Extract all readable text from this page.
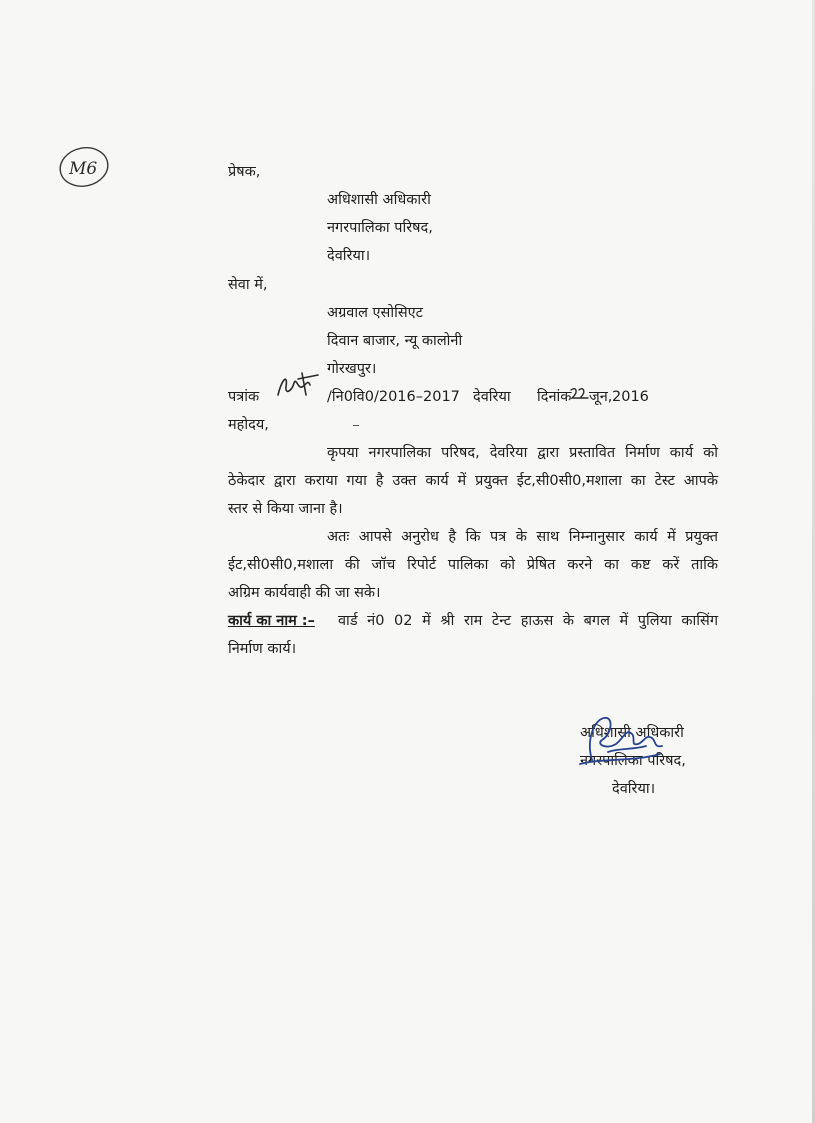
M6	प्रेषक,
अधिशासी अधिकारी
नगरपालिका परिषद,
देवरिया।
सेवा में,
अग्रवाल एसोसिएट
दिवान बाजार, न्यू कालोनी
गोरखपुर।
पत्रांक	/नि0वि0/2016–2017 देवरिया दिनांक जून, 2016
महोदय,
कृपया नगरपालिका परिषद, देवरिया द्वारा प्रस्तावित निर्माण कार्य को
ठेकेदार द्वारा कराया गया है उक्त कार्य में प्रयुक्त ईट,सी0सी0,मशाला का टेस्ट आपके
स्तर से किया जाना है।
अतः आपसे अनुरोध है कि पत्र के साथ निम्नानुसार कार्य में प्रयुक्त
ईट,सी0सी0,मशाला की जॉच रिपोर्ट पालिका को प्रेषित करने का कष्ट करें ताकि
अग्रिम कार्यवाही की जा सके।
कार्य का नाम :– वार्ड नं0 02 में श्री राम टेन्ट हाऊस के बगल में पुलिया कासिंग
निर्माण कार्य।
अधिशासी अधिकारी
नगरपालिका परिषद,
देवरिया।
